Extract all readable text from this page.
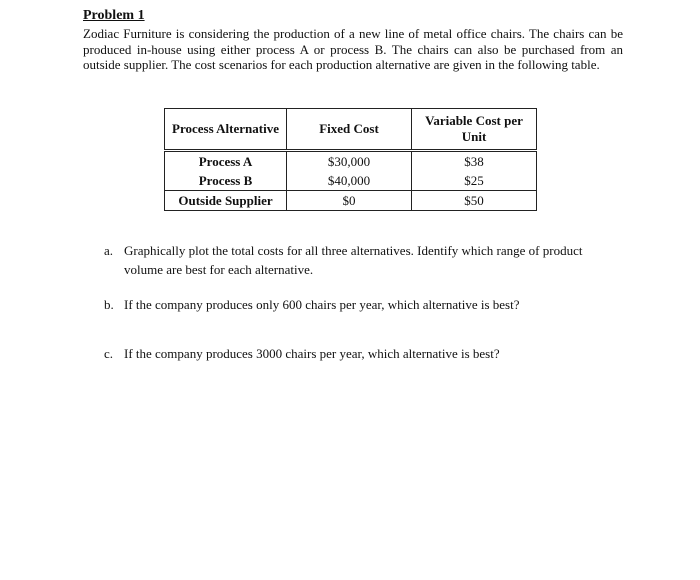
Problem 1
Zodiac Furniture is considering the production of a new line of metal office chairs. The chairs can be produced in-house using either process A or process B. The chairs can also be purchased from an outside supplier. The cost scenarios for each production alternative are given in the following table.
Process Alternative	Fixed Cost	Variable Cost per Unit
Process A	$30,000	$38
Process B	$40,000	$25
Outside Supplier	$0	$50
a. Graphically plot the total costs for all three alternatives. Identify which range of product
volume are best for each alternative.
b. If the company produces only 600 chairs per year, which alternative is best?
c. If the company produces 3000 chairs per year, which alternative is best?
